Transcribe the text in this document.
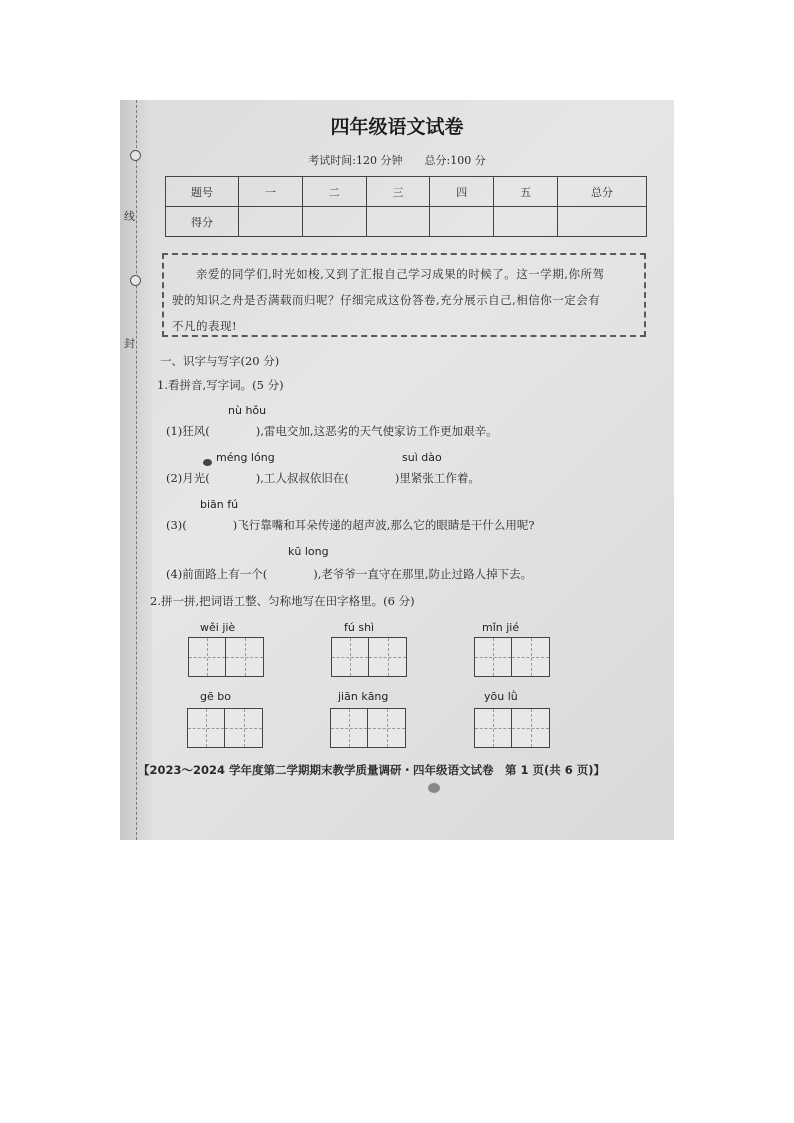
线
封
四年级语文试卷
考试时间:120 分钟　　总分:100 分
题号	一	二	三	四	五	总分
得分						
　　亲爱的同学们,时光如梭,又到了汇报自己学习成果的时候了。这一学期,你所驾
驶的知识之舟是否满载而归呢？仔细完成这份答卷,充分展示自己,相信你一定会有
不凡的表现!
一、识字与写字(20 分)
1.看拼音,写字词。(5 分)
nù hǒu
(1)狂风(　　　　),雷电交加,这恶劣的天气使家访工作更加艰辛。
méng lóng	suì dào
(2)月光(　　　　),工人叔叔依旧在(　　　　)里紧张工作着。
biān fú
(3)(　　　　)飞行靠嘴和耳朵传递的超声波,那么它的眼睛是干什么用呢?
kū long
(4)前面路上有一个(　　　　),老爷爷一直守在那里,防止过路人掉下去。
2.拼一拼,把词语工整、匀称地写在田字格里。(6 分)
wěi jiè	fú shì	mǐn jié
gē bo	jiān kāng	yōu lǜ
【2023～2024 学年度第二学期期末教学质量调研・四年级语文试卷　第 1 页(共 6 页)】
